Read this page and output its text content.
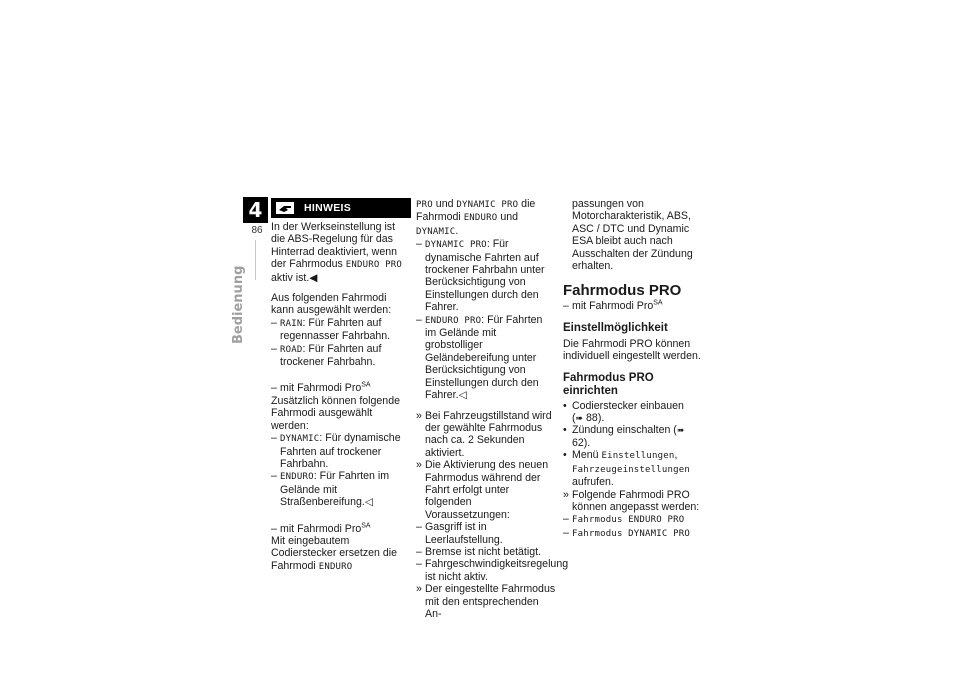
4
86
Bedienung
HINWEIS

In der Werkseinstellung ist die ABS-Regelung für das Hinterrad deaktiviert, wenn der Fahrmodus ENDURO PRO aktiv ist.◀

Aus folgenden Fahrmodi kann ausgewählt werden:

– RAIN: Für Fahrten auf regennasser Fahrbahn.
– ROAD: Für Fahrten auf trockener Fahrbahn.
– mit Fahrmodi Pro$^{SA}$

Zusätzlich können folgende Fahrmodi ausgewählt werden:

– DYNAMIC: Für dynamische Fahrten auf trockener Fahrbahn.
– ENDURO: Für Fahrten im Gelände mit Straßenbereifung.◁
– mit Fahrmodi Pro$^{SA}$

Mit eingebautem Codierstecker ersetzen die Fahrmodi ENDURO

PRO und DYNAMIC PRO die Fahrmodi ENDURO und DYNAMIC.

– DYNAMIC PRO: Für dynamische Fahrten auf trockener Fahrbahn unter Berücksichtigung von Einstellungen durch den Fahrer.
– ENDURO PRO: Für Fahrten im Gelände mit grobstolliger Geländebereifung unter Berücksichtigung von Einstellungen durch den Fahrer.◁
» Bei Fahrzeugstillstand wird der gewählte Fahrmodus nach ca. 2 Sekunden aktiviert.
» Die Aktivierung des neuen Fahrmodus während der Fahrt erfolgt unter folgenden Voraussetzungen:
– Gasgriff ist in Leerlaufstellung.
– Bremse ist nicht betätigt.
– Fahrgeschwindigkeitsregelung ist nicht aktiv.
» Der eingestellte Fahrmodus mit den entsprechenden An-
passungen von Motorcharakteristik, ABS, ASC / DTC und Dynamic ESA bleibt auch nach Ausschalten der Zündung erhalten.
Fahrmodus PRO
– mit Fahrmodi Pro$^{SA}$
Einstellmöglichkeit

Die Fahrmodi PRO können individuell eingestellt werden.

Fahrmodus PRO einrichten
• Codierstecker einbauen
(➠ 88).
• Zündung einschalten (➠ 62).
• Menü Einstellungen,
Fahrzeugeinstellungen
aufrufen.
» Folgende Fahrmodi PRO können angepasst werden:
– Fahrmodus ENDURO PRO
– Fahrmodus DYNAMIC PRO
